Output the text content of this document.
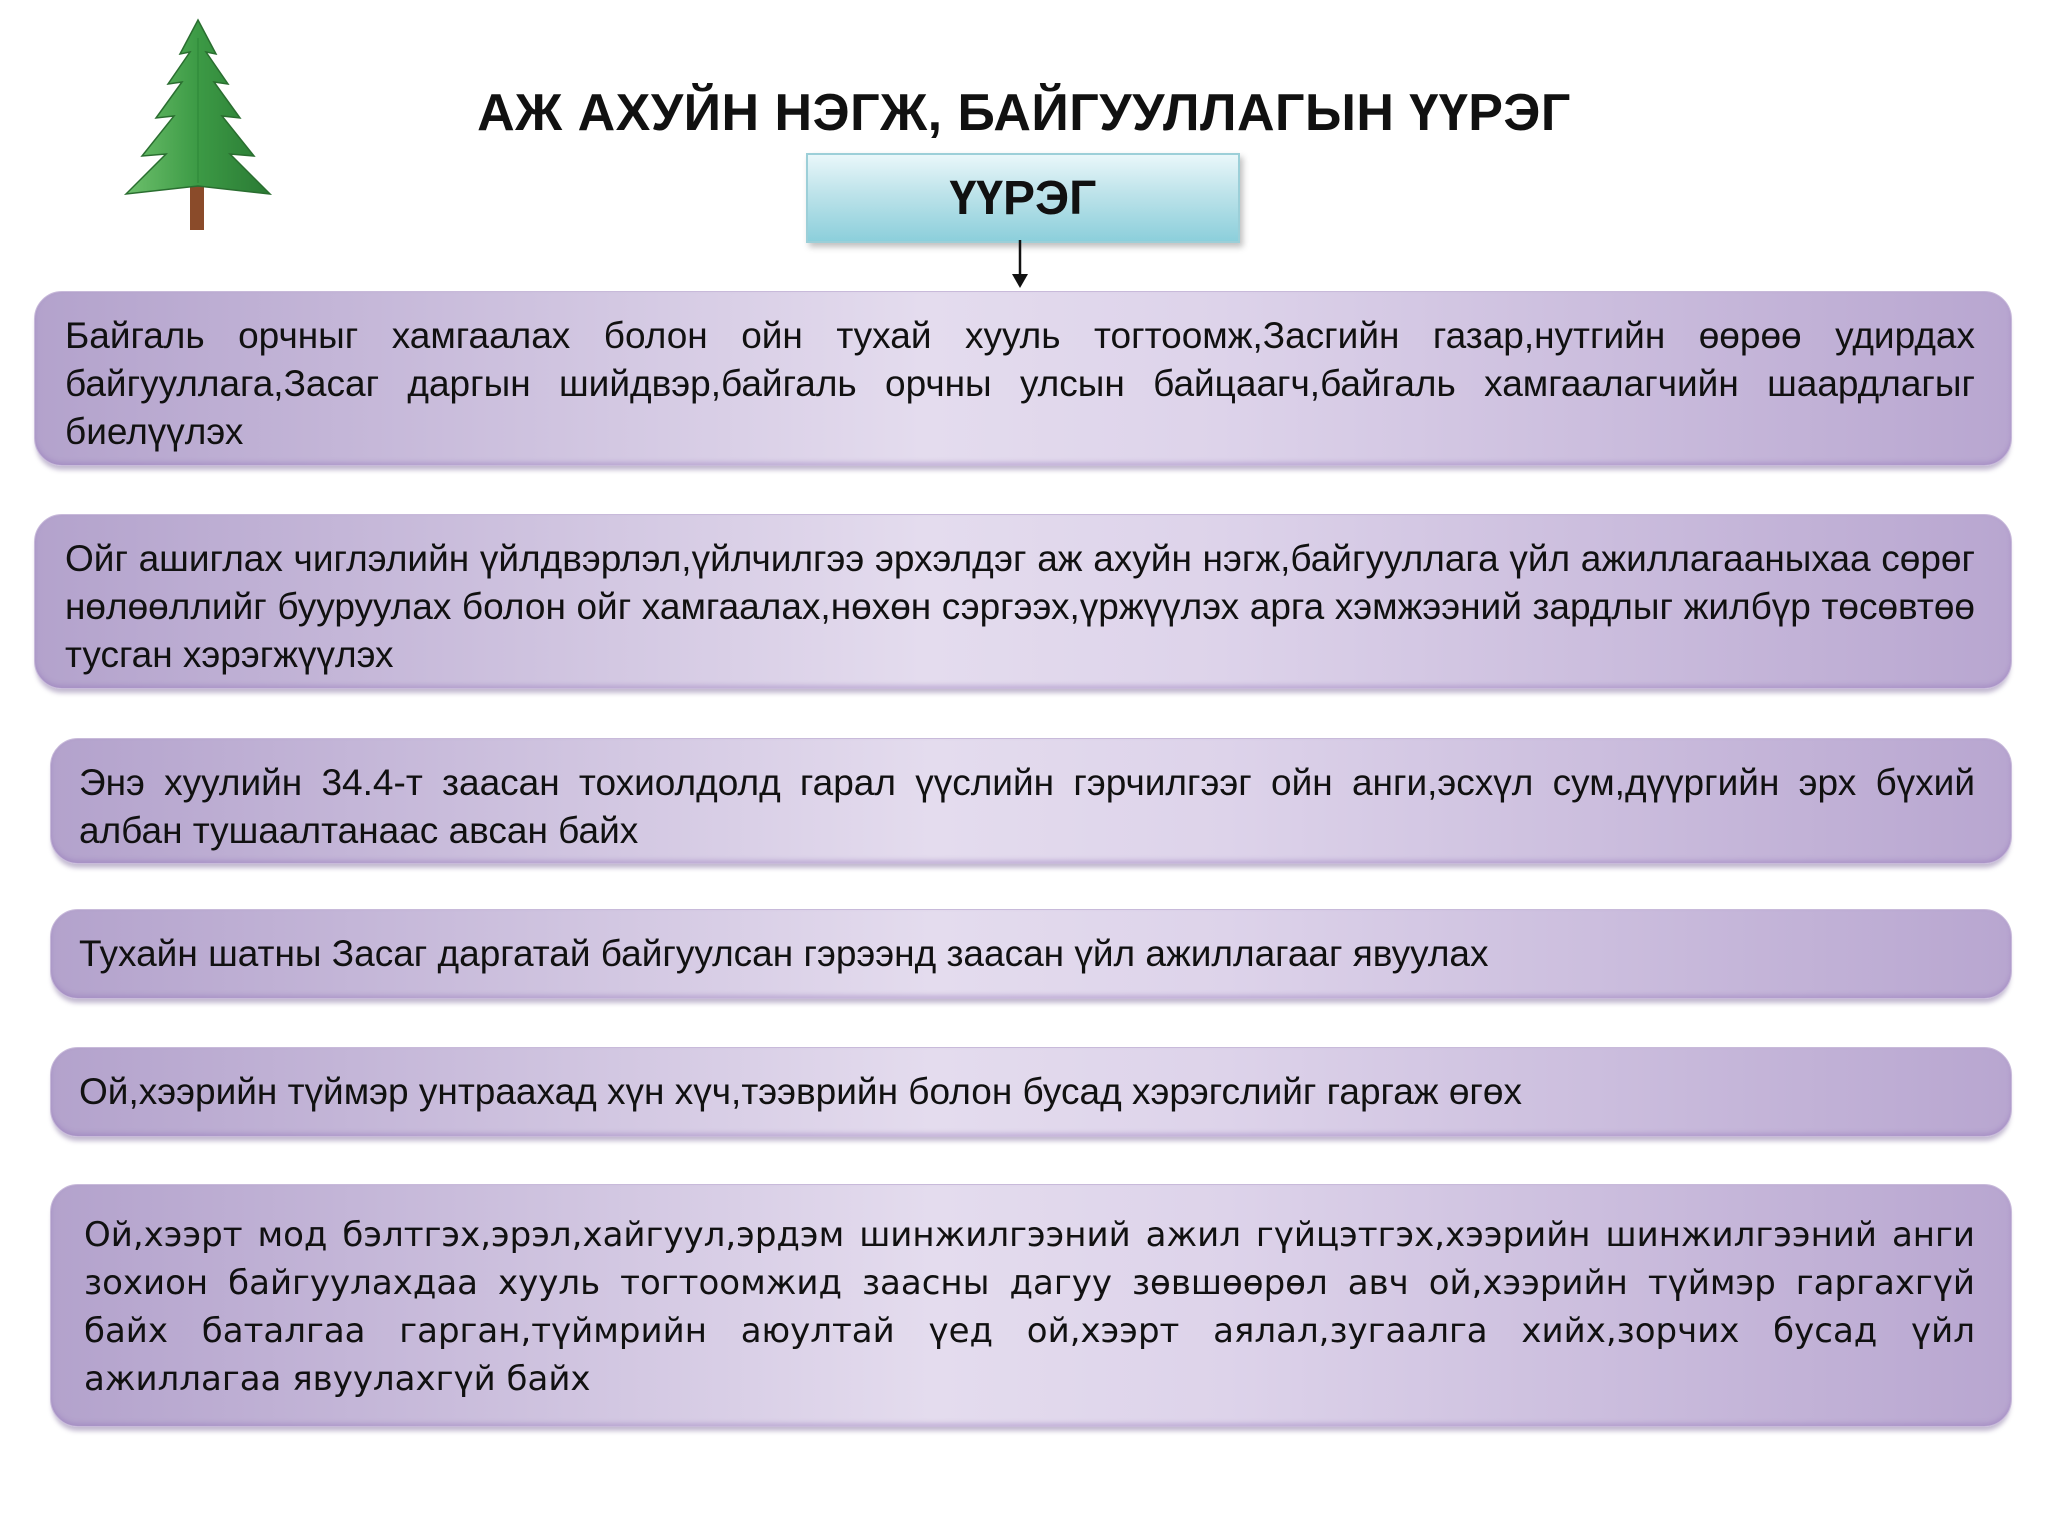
АЖ АХУЙН НЭГЖ, БАЙГУУЛЛАГЫН ҮҮРЭГ
ҮҮРЭГ
Байгаль орчныг хамгаалах болон ойн тухай хууль тогтоомж,Засгийн газар,нутгийн өөрөө удирдах байгууллага,Засаг даргын шийдвэр,байгаль орчны улсын байцаагч,байгаль хамгаалагчийн шаардлагыг биелүүлэх
Ойг ашиглах чиглэлийн үйлдвэрлэл,үйлчилгээ эрхэлдэг аж ахуйн нэгж,байгууллага үйл ажиллагааныхаа сөрөг нөлөөллийг бууруулах болон ойг хамгаалах,нөхөн сэргээх,үржүүлэх арга хэмжээний зардлыг жилбүр төсөвтөө тусган хэрэгжүүлэх
Энэ хуулийн 34.4-т заасан тохиолдолд гарал үүслийн гэрчилгээг ойн анги,эсхүл сум,дүүргийн эрх бүхий албан тушаалтанаас авсан байх
Тухайн шатны Засаг даргатай байгуулсан гэрээнд заасан үйл ажиллагааг явуулах
Ой,хээрийн түймэр унтраахад хүн хүч,тээврийн болон бусад хэрэгслийг гаргаж өгөх
Ой,хээрт мод бэлтгэх,эрэл,хайгуул,эрдэм шинжилгээний ажил гүйцэтгэх,хээрийн шинжилгээний анги зохион байгуулахдаа хууль тогтоомжид заасны дагуу зөвшөөрөл авч ой,хээрийн түймэр гаргахгүй байх баталгаа гарган,түймрийн аюултай үед ой,хээрт аялал,зугаалга хийх,зорчих бусад үйл ажиллагаа явуулахгүй байх
